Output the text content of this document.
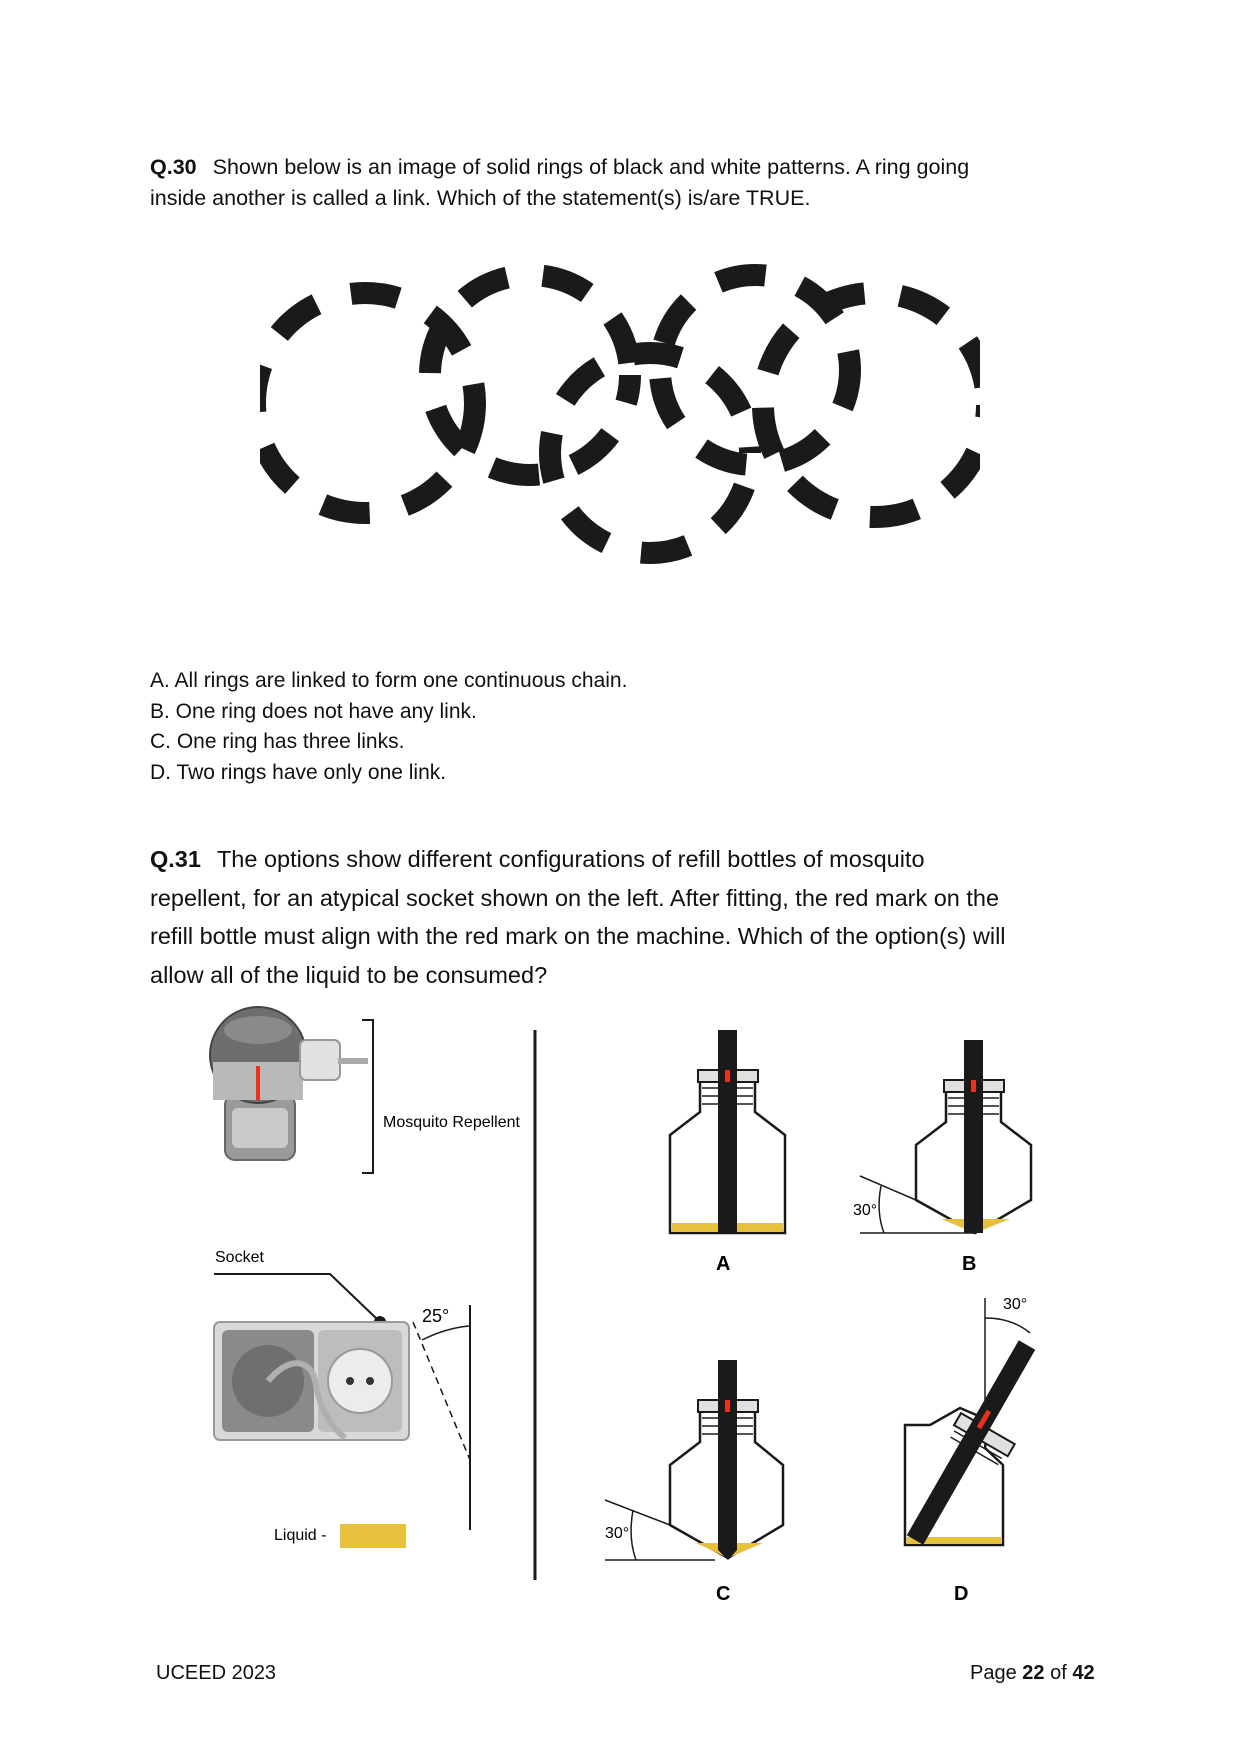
Q.30 Shown below is an image of solid rings of black and white patterns. A ring going
inside another is called a link. Which of the statement(s) is/are TRUE.
A. All rings are linked to form one continuous chain.
B. One ring does not have any link.
C. One ring has three links.
D. Two rings have only one link.
Q.31 The options show different configurations of refill bottles of mosquito
repellent, for an atypical socket shown on the left. After fitting, the red mark on the
refill bottle must align with the red mark on the machine. Which of the option(s) will
allow all of the liquid to be consumed?
Mosquito Repellent
Socket
25°
Liquid -
A
30°
B
30°
C
30°
D
UCEED 2023	Page 22 of 42
